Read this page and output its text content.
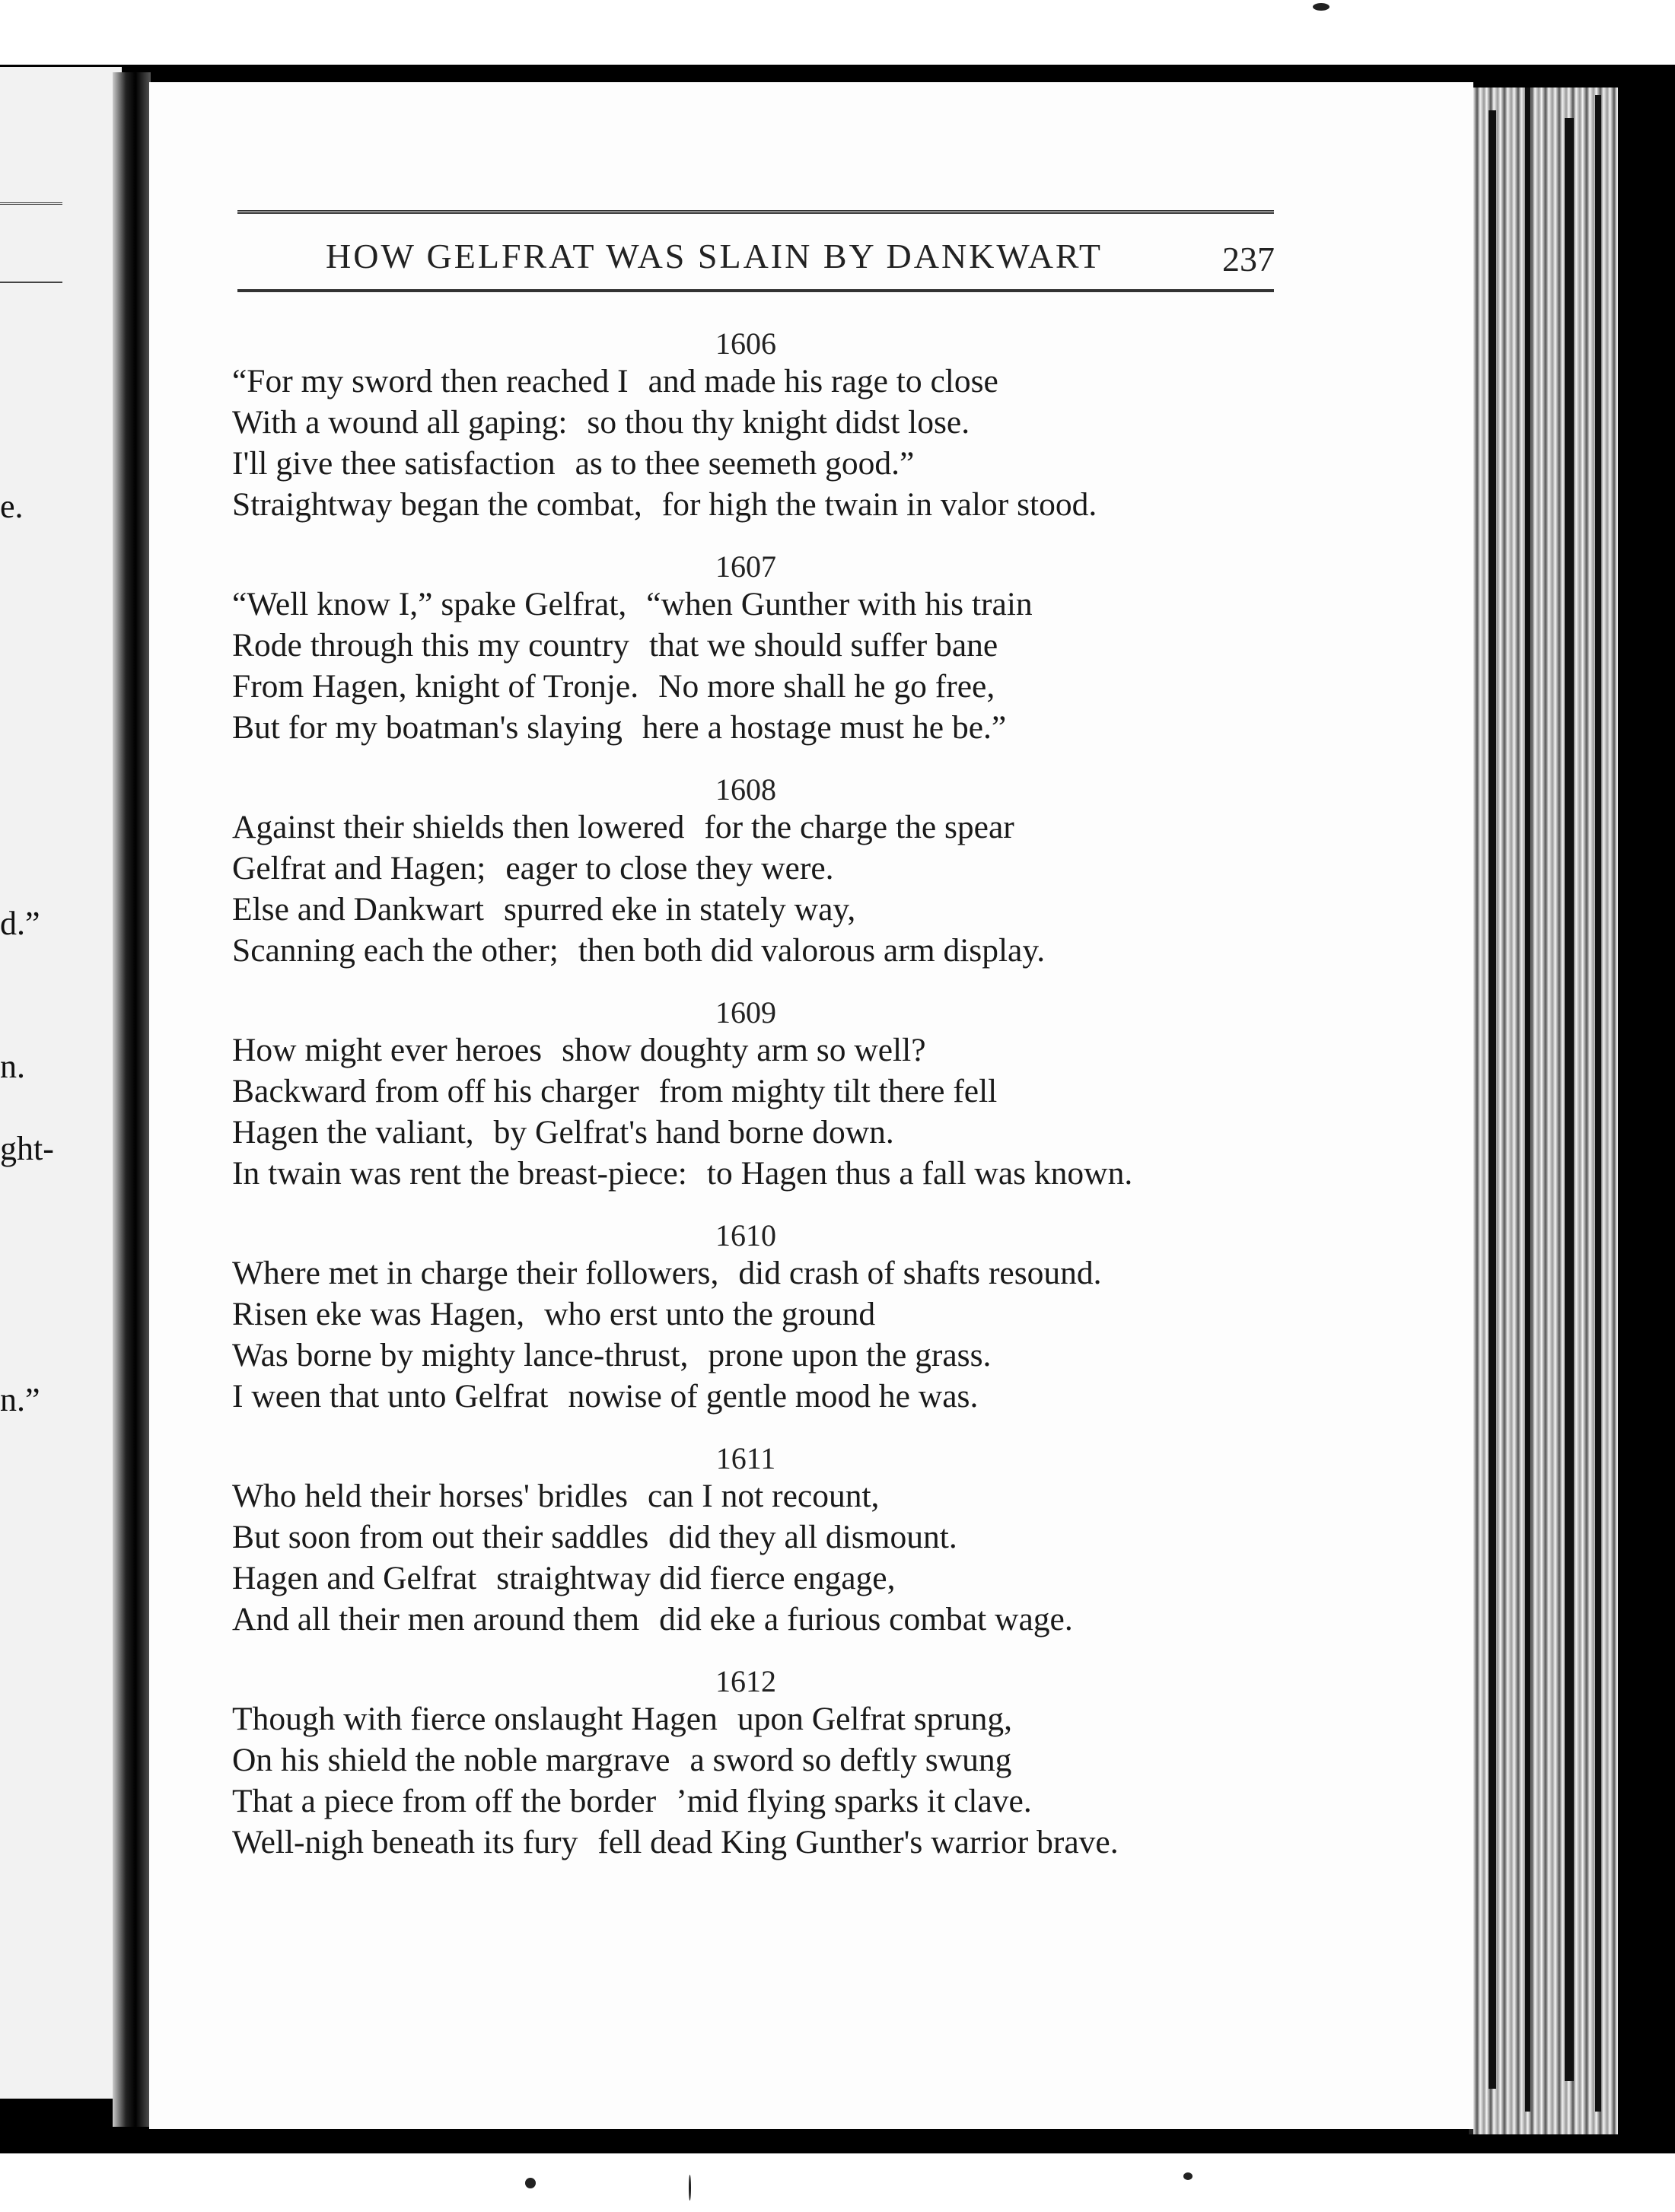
e.
d.”
n.
ght-
n.”
HOW GELFRAT WAS SLAIN BY DANKWART	237
1606
“For my sword then reached I and made his rage to close
With a wound all gaping: so thou thy knight didst lose.
I'll give thee satisfaction as to thee seemeth good.”
Straightway began the combat, for high the twain in valor stood.
1607
“Well know I,” spake Gelfrat, “when Gunther with his train
Rode through this my country that we should suffer bane
From Hagen, knight of Tronje. No more shall he go free,
But for my boatman's slaying here a hostage must he be.”
1608
Against their shields then lowered for the charge the spear
Gelfrat and Hagen; eager to close they were.
Else and Dankwart spurred eke in stately way,
Scanning each the other; then both did valorous arm display.
1609
How might ever heroes show doughty arm so well?
Backward from off his charger from mighty tilt there fell
Hagen the valiant, by Gelfrat's hand borne down.
In twain was rent the breast-piece: to Hagen thus a fall was known.
1610
Where met in charge their followers, did crash of shafts resound.
Risen eke was Hagen, who erst unto the ground
Was borne by mighty lance-thrust, prone upon the grass.
I ween that unto Gelfrat nowise of gentle mood he was.
1611
Who held their horses' bridles can I not recount,
But soon from out their saddles did they all dismount.
Hagen and Gelfrat straightway did fierce engage,
And all their men around them did eke a furious combat wage.
1612
Though with fierce onslaught Hagen upon Gelfrat sprung,
On his shield the noble margrave a sword so deftly swung
That a piece from off the border ’mid flying sparks it clave.
Well-nigh beneath its fury fell dead King Gunther's warrior brave.
